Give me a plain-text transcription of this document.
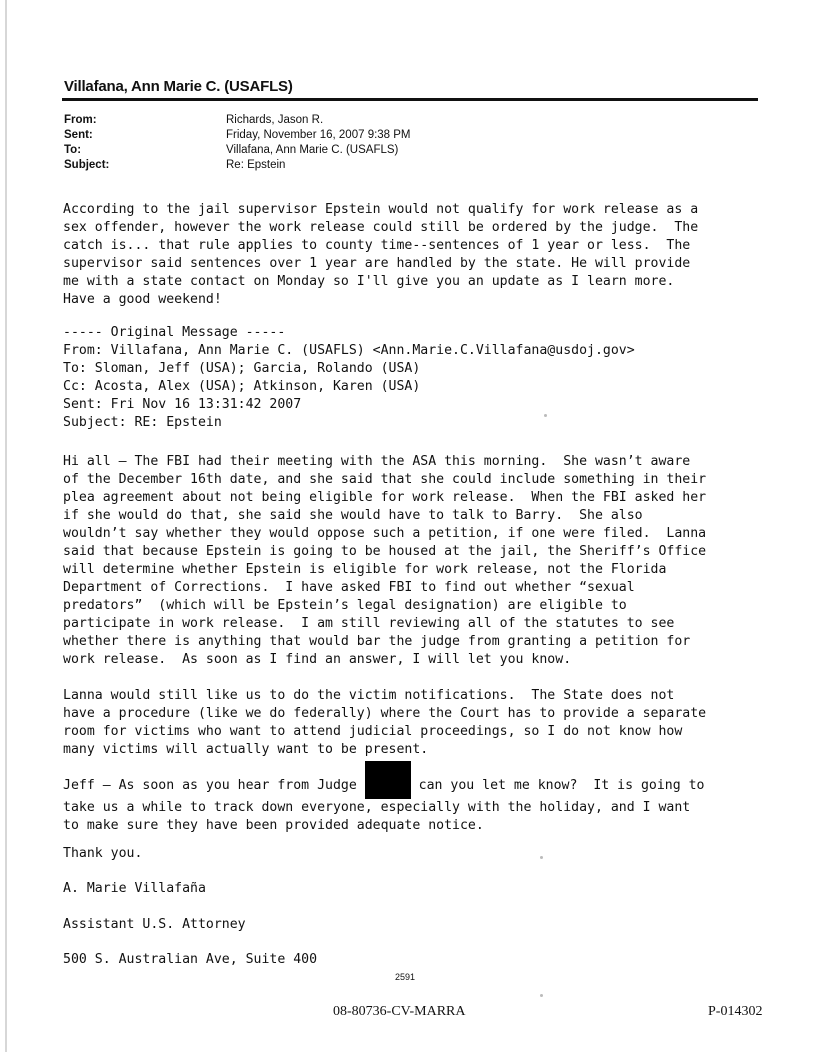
Villafana, Ann Marie C. (USAFLS)
From:	Richards, Jason R.
Sent:	Friday, November 16, 2007 9:38 PM
To:	Villafana, Ann Marie C. (USAFLS)
Subject:	Re: Epstein
According to the jail supervisor Epstein would not qualify for work release as a
sex offender, however the work release could still be ordered by the judge.  The
catch is... that rule applies to county time--sentences of 1 year or less.  The
supervisor said sentences over 1 year are handled by the state. He will provide
me with a state contact on Monday so I'll give you an update as I learn more.
Have a good weekend!
----- Original Message -----
From: Villafana, Ann Marie C. (USAFLS) <Ann.Marie.C.Villafana@usdoj.gov>
To: Sloman, Jeff (USA); Garcia, Rolando (USA)
Cc: Acosta, Alex (USA); Atkinson, Karen (USA)
Sent: Fri Nov 16 13:31:42 2007
Subject: RE: Epstein
Hi all – The FBI had their meeting with the ASA this morning.  She wasn’t aware
of the December 16th date, and she said that she could include something in their
plea agreement about not being eligible for work release.  When the FBI asked her
if she would do that, she said she would have to talk to Barry.  She also
wouldn’t say whether they would oppose such a petition, if one were filed.  Lanna
said that because Epstein is going to be housed at the jail, the Sheriff’s Office
will determine whether Epstein is eligible for work release, not the Florida
Department of Corrections.  I have asked FBI to find out whether “sexual
predators”  (which will be Epstein’s legal designation) are eligible to
participate in work release.  I am still reviewing all of the statutes to see
whether there is anything that would bar the judge from granting a petition for
work release.  As soon as I find an answer, I will let you know.
Lanna would still like us to do the victim notifications.  The State does not
have a procedure (like we do federally) where the Court has to provide a separate
room for victims who want to attend judicial proceedings, so I do not know how
many victims will actually want to be present.
Jeff – As soon as you hear from Judge	can you let me know?  It is going to
take us a while to track down everyone, especially with the holiday, and I want
to make sure they have been provided adequate notice.
Thank you.
A. Marie Villafaña
Assistant U.S. Attorney
500 S. Australian Ave, Suite 400
2591
08-80736-CV-MARRA	P-014302
